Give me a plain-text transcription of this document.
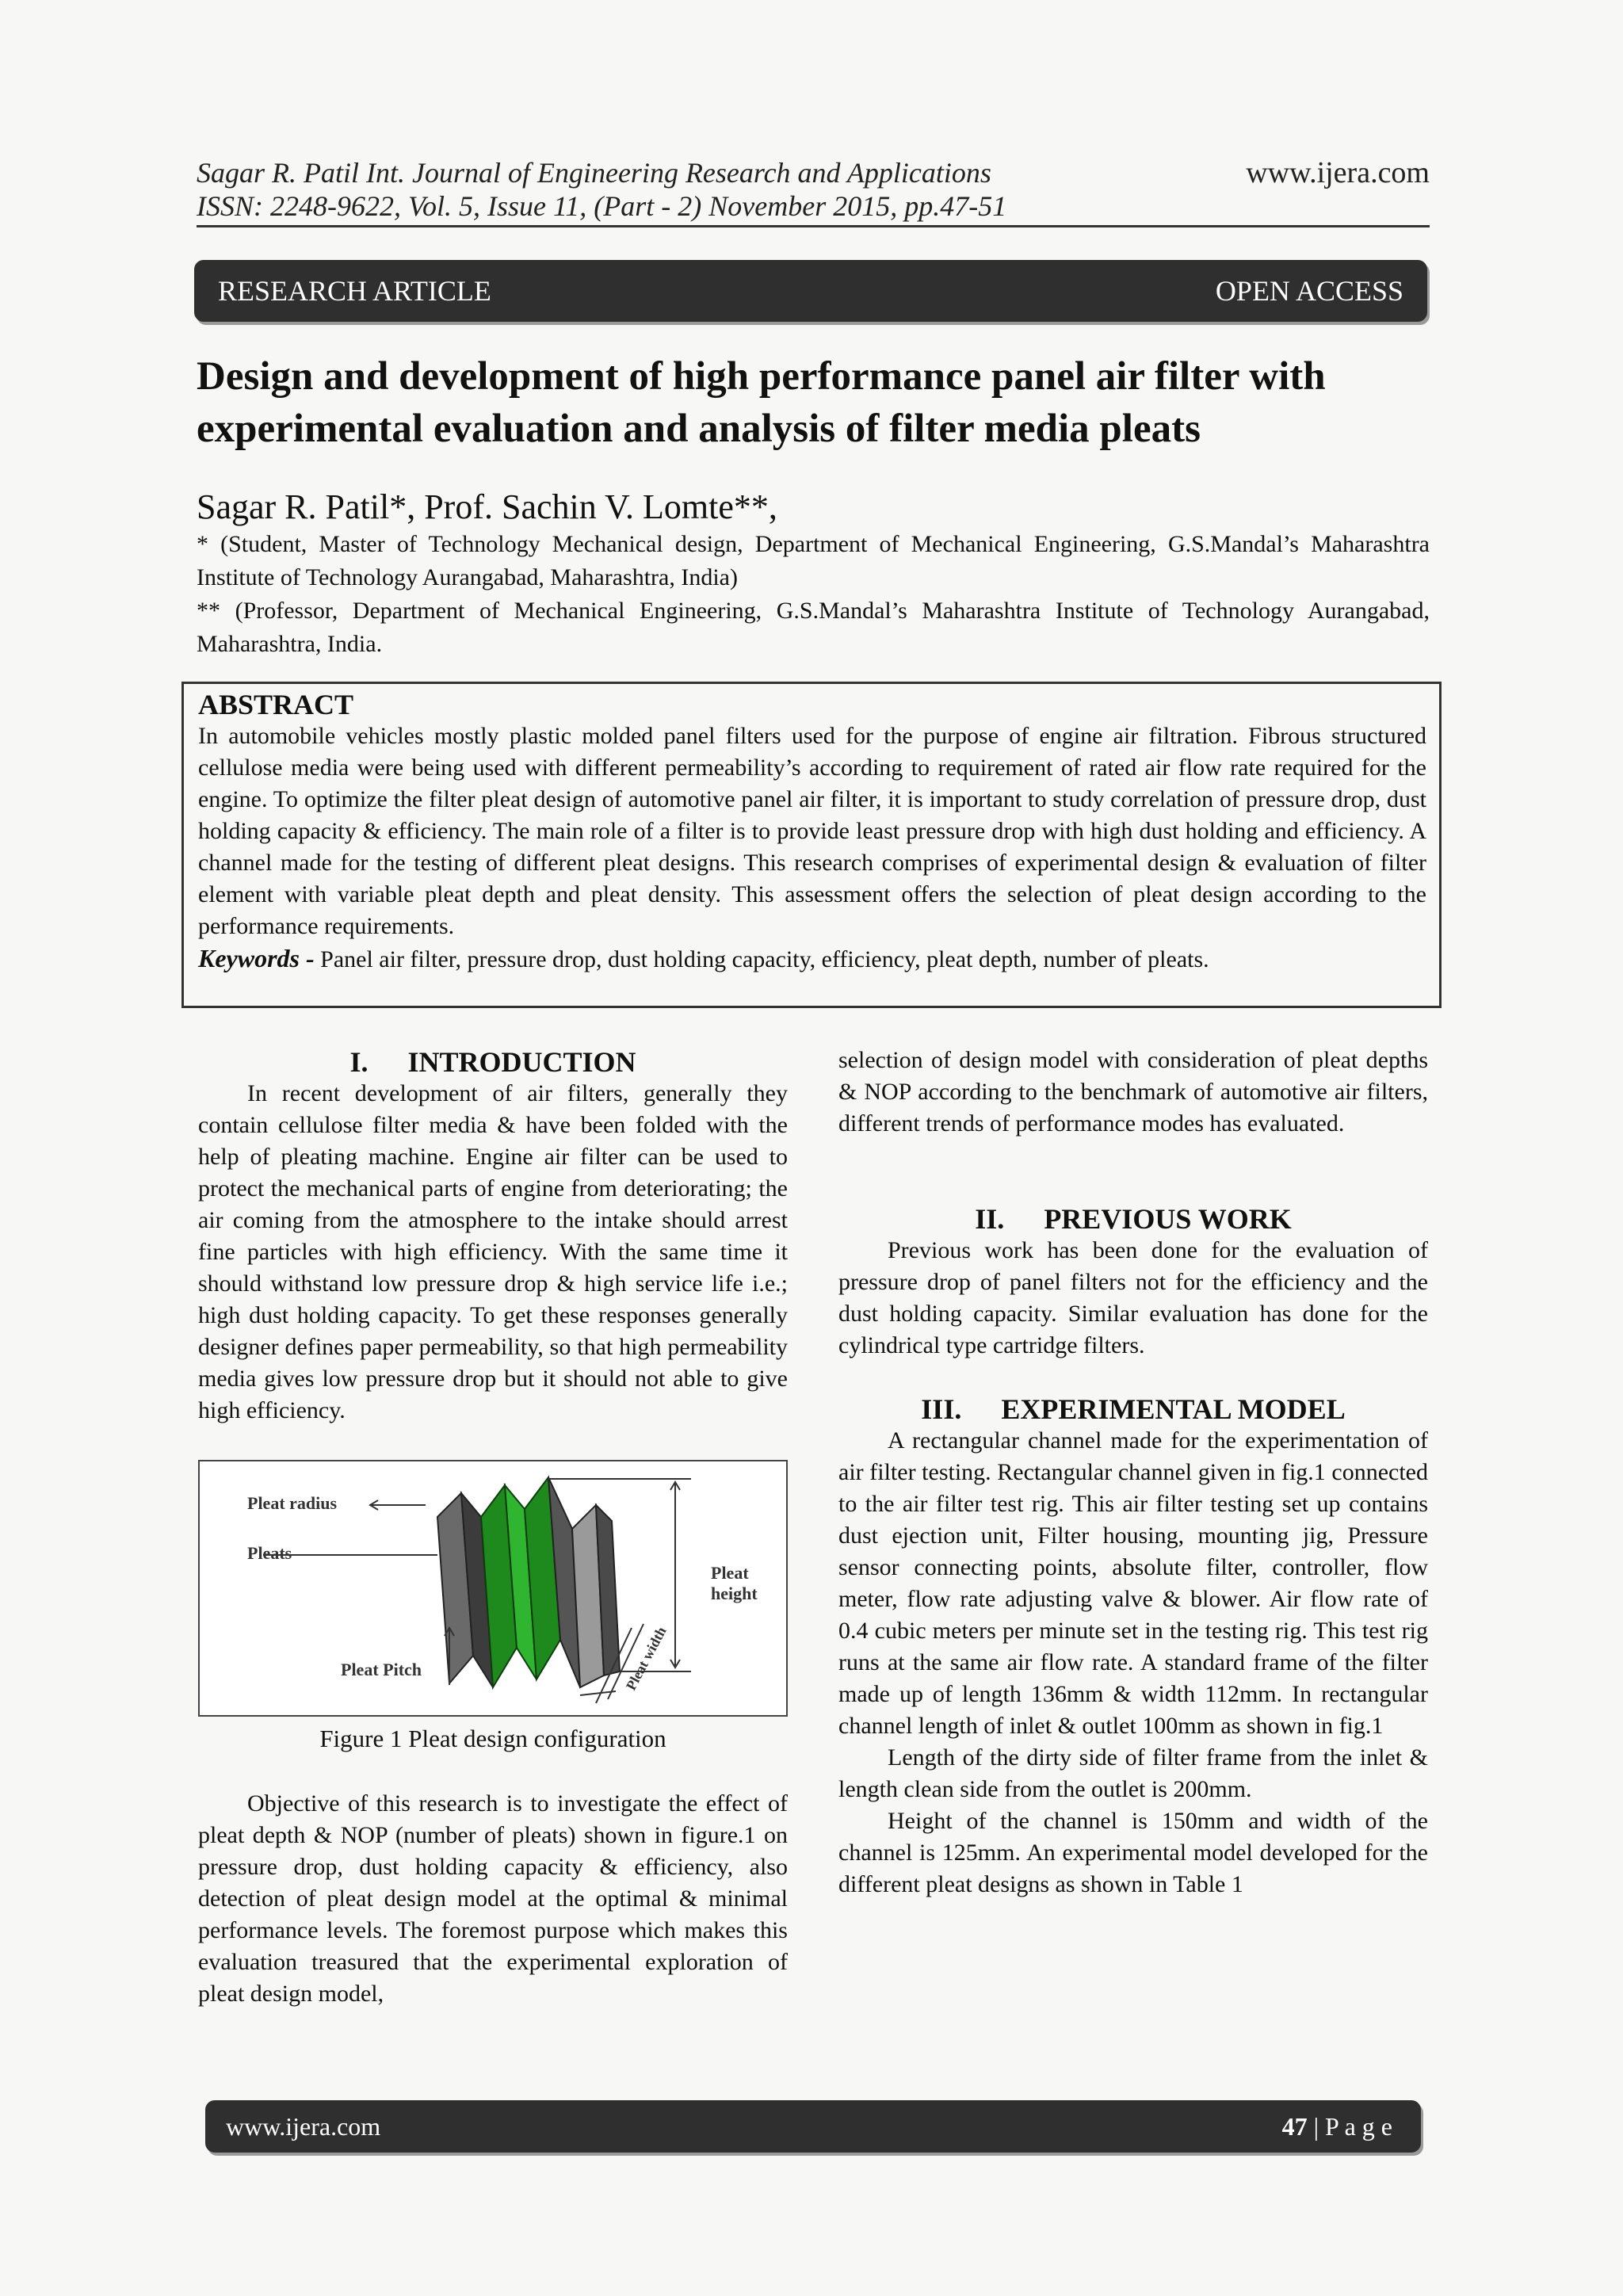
Sagar R. Patil Int. Journal of Engineering Research and Applications	www.ijera.com
ISSN: 2248-9622, Vol. 5, Issue 11, (Part - 2) November 2015, pp.47-51
RESEARCH ARTICLE	OPEN ACCESS
Design and development of high performance panel air filter with
experimental evaluation and analysis of filter media pleats
Sagar R. Patil*, Prof. Sachin V. Lomte**,
* (Student, Master of Technology Mechanical design, Department of Mechanical Engineering, G.S.Mandal’s Maharashtra Institute of Technology Aurangabad, Maharashtra, India)
** (Professor, Department of Mechanical Engineering, G.S.Mandal’s Maharashtra Institute of Technology Aurangabad, Maharashtra, India.
ABSTRACT
In automobile vehicles mostly plastic molded panel filters used for the purpose of engine air filtration. Fibrous structured cellulose media were being used with different permeability’s according to requirement of rated air flow rate required for the engine. To optimize the filter pleat design of automotive panel air filter, it is important to study correlation of pressure drop, dust holding capacity & efficiency. The main role of a filter is to provide least pressure drop with high dust holding and efficiency. A channel made for the testing of different pleat designs. This research comprises of experimental design & evaluation of filter element with variable pleat depth and pleat density. This assessment offers the selection of pleat design according to the performance requirements.
Keywords - Panel air filter, pressure drop, dust holding capacity, efficiency, pleat depth, number of pleats.
I. INTRODUCTION
In recent development of air filters, generally they contain cellulose filter media & have been folded with the help of pleating machine. Engine air filter can be used to protect the mechanical parts of engine from deteriorating; the air coming from the atmosphere to the intake should arrest fine particles with high efficiency. With the same time it should withstand low pressure drop & high service life i.e.; high dust holding capacity. To get these responses generally designer defines paper permeability, so that high permeability media gives low pressure drop but it should not able to give high efficiency.
Pleat radius
Pleats
Pleat
height
Pleat Pitch	Pleat width
Figure 1 Pleat design configuration
Objective of this research is to investigate the effect of pleat depth & NOP (number of pleats) shown in figure.1 on pressure drop, dust holding capacity & efficiency, also detection of pleat design model at the optimal & minimal performance levels. The foremost purpose which makes this evaluation treasured that the experimental exploration of pleat design model,
selection of design model with consideration of pleat depths & NOP according to the benchmark of automotive air filters, different trends of performance modes has evaluated.
II. PREVIOUS WORK
Previous work has been done for the evaluation of pressure drop of panel filters not for the efficiency and the dust holding capacity. Similar evaluation has done for the cylindrical type cartridge filters.
III. EXPERIMENTAL MODEL
A rectangular channel made for the experimentation of air filter testing. Rectangular channel given in fig.1 connected to the air filter test rig. This air filter testing set up contains dust ejection unit, Filter housing, mounting jig, Pressure sensor connecting points, absolute filter, controller, flow meter, flow rate adjusting valve & blower. Air flow rate of 0.4 cubic meters per minute set in the testing rig. This test rig runs at the same air flow rate. A standard frame of the filter made up of length 136mm & width 112mm. In rectangular channel length of inlet & outlet 100mm as shown in fig.1
Length of the dirty side of filter frame from the inlet & length clean side from the outlet is 200mm.
Height of the channel is 150mm and width of the channel is 125mm. An experimental model developed for the different pleat designs as shown in Table 1
www.ijera.com	47 | P a g e
